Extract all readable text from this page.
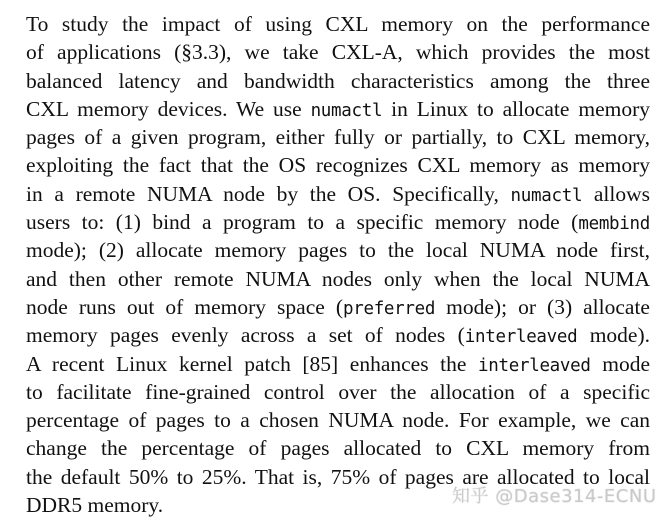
To study the impact of using CXL memory on the performance
of applications (§3.3), we take CXL-A, which provides the most
balanced latency and bandwidth characteristics among the three
CXL memory devices. We use numactl in Linux to allocate memory
pages of a given program, either fully or partially, to CXL memory,
exploiting the fact that the OS recognizes CXL memory as memory
in a remote NUMA node by the OS. Specifically, numactl allows
users to: (1) bind a program to a specific memory node (membind
mode); (2) allocate memory pages to the local NUMA node first,
and then other remote NUMA nodes only when the local NUMA
node runs out of memory space (preferred mode); or (3) allocate
memory pages evenly across a set of nodes (interleaved mode).
A recent Linux kernel patch [85] enhances the interleaved mode
to facilitate fine-grained control over the allocation of a specific
percentage of pages to a chosen NUMA node. For example, we can
change the percentage of pages allocated to CXL memory from
the default 50% to 25%. That is, 75% of pages are allocated to local
DDR5 memory.	知乎 @Dase314-ECNU
